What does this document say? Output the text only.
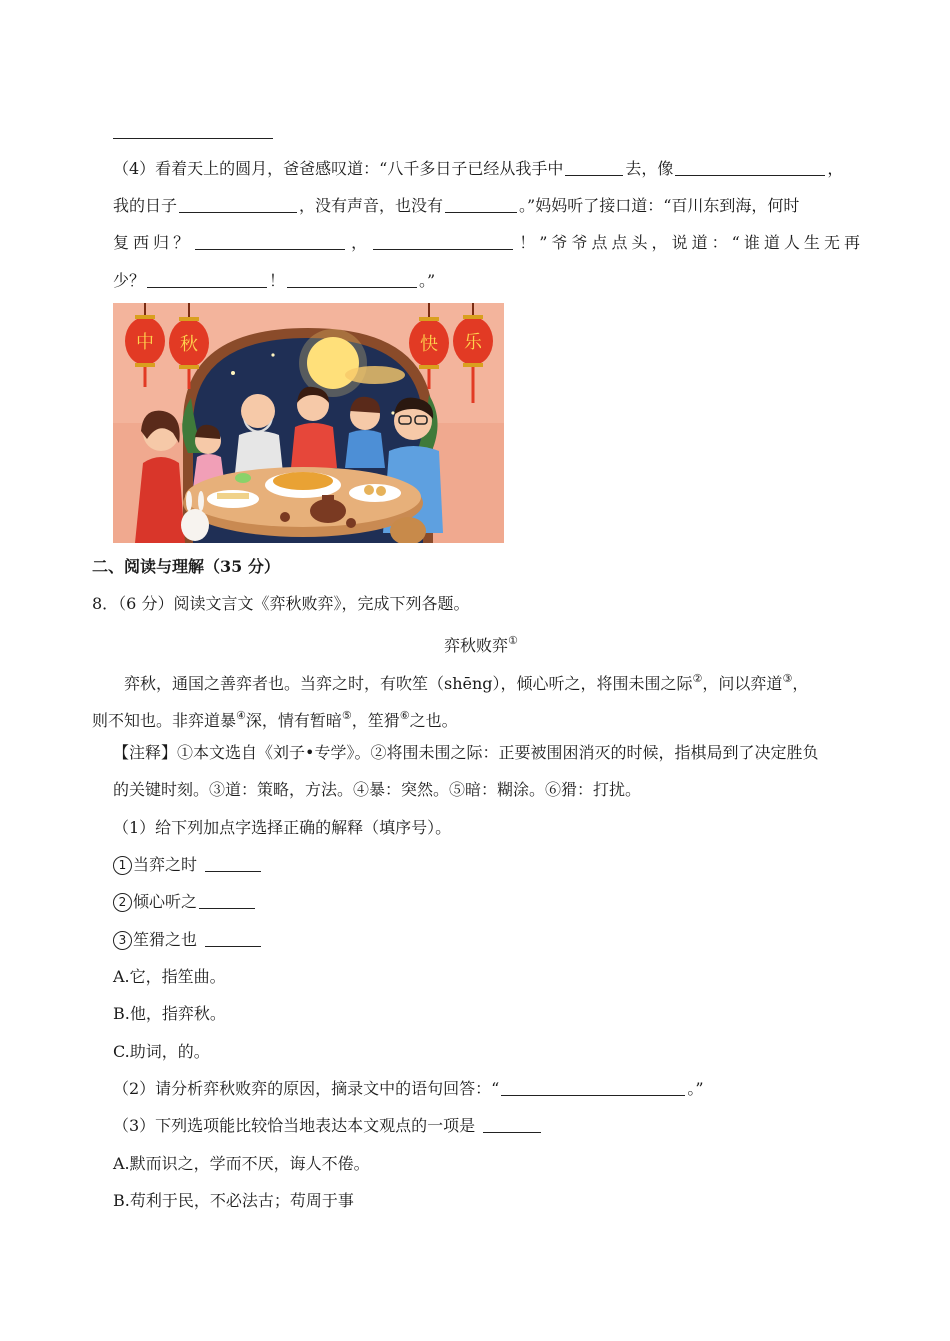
（4）看着天上的圆月，爸爸感叹道：“八千多日子已经从我手中	去，像	，
我的日子	，没有声音，也没有	。”妈妈听了接口道：“百川东到海，何时
复西归？	，	！”爷爷点点头，说道：“谁道人生无再
少？	！	。”
中 秋	快 乐
二、阅读与理解（35 分）
8．（6 分）阅读文言文《弈秋败弈》，完成下列各题。
弈秋败弈①
弈秋，通国之善弈者也。当弈之时，有吹笙（shēng），倾心听之，将围未围之际②，问以弈道③，
则不知也。非弈道暴④深，情有暂暗⑤，笙猾⑥之也。
【注释】①本文选自《刘子•专学》。②将围未围之际：正要被围困消灭的时候，指棋局到了决定胜负
的关键时刻。③道：策略，方法。④暴：突然。⑤暗：糊涂。⑥猾：打扰。
（1）给下列加点字选择正确的解释（填序号）。
1 当弈之时
2 倾心听之
3 笙猾之也
A.它，指笙曲。
B.他，指弈秋。
C.助词，的。
（2）请分析弈秋败弈的原因，摘录文中的语句回答：“	。”
（3）下列选项能比较恰当地表达本文观点的一项是
A.默而识之，学而不厌，诲人不倦。
B.苟利于民，不必法古；苟周于事
